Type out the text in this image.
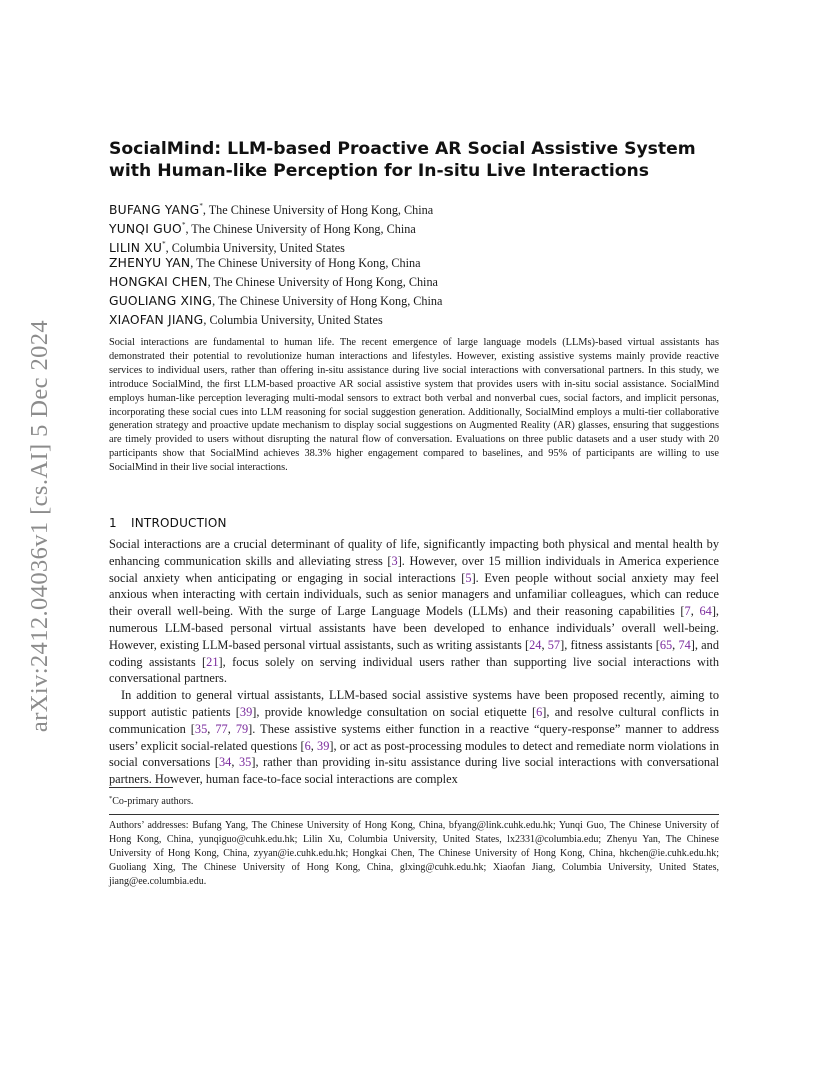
arXiv:2412.04036v1 [cs.AI] 5 Dec 2024
SocialMind: LLM-based Proactive AR Social Assistive System with Human-like Perception for In-situ Live Interactions
BUFANG YANG*, The Chinese University of Hong Kong, China
YUNQI GUO*, The Chinese University of Hong Kong, China
LILIN XU*, Columbia University, United States
ZHENYU YAN, The Chinese University of Hong Kong, China
HONGKAI CHEN, The Chinese University of Hong Kong, China
GUOLIANG XING, The Chinese University of Hong Kong, China
XIAOFAN JIANG, Columbia University, United States

Social interactions are fundamental to human life. The recent emergence of large language models (LLMs)-based virtual assistants has demonstrated their potential to revolutionize human interactions and lifestyles. However, existing assistive systems mainly provide reactive services to individual users, rather than offering in-situ assistance during live social interactions with conversational partners. In this study, we introduce SocialMind, the first LLM-based proactive AR social assistive system that provides users with in-situ social assistance. SocialMind employs human-like perception leveraging multi-modal sensors to extract both verbal and nonverbal cues, social factors, and implicit personas, incorporating these social cues into LLM reasoning for social suggestion generation. Additionally, SocialMind employs a multi-tier collaborative generation strategy and proactive update mechanism to display social suggestions on Augmented Reality (AR) glasses, ensuring that suggestions are timely provided to users without disrupting the natural flow of conversation. Evaluations on three public datasets and a user study with 20 participants show that SocialMind achieves 38.3% higher engagement compared to baselines, and 95% of participants are willing to use SocialMind in their live social interactions.

1 INTRODUCTION

Social interactions are a crucial determinant of quality of life, significantly impacting both physical and mental health by enhancing communication skills and alleviating stress [3]. However, over 15 million individuals in America experience social anxiety when anticipating or engaging in social interactions [5]. Even people without social anxiety may feel anxious when interacting with certain individuals, such as senior managers and unfamiliar colleagues, which can reduce their overall well-being. With the surge of Large Language Models (LLMs) and their reasoning capabilities [7, 64], numerous LLM-based personal virtual assistants have been developed to enhance individuals’ overall well-being. However, existing LLM-based personal virtual assistants, such as writing assistants [24, 57], fitness assistants [65, 74], and coding assistants [21], focus solely on serving individual users rather than supporting live social interactions with conversational partners.

In addition to general virtual assistants, LLM-based social assistive systems have been proposed recently, aiming to support autistic patients [39], provide knowledge consultation on social etiquette [6], and resolve cultural conflicts in communication [35, 77, 79]. These assistive systems either function in a reactive “query-response” manner to address users’ explicit social-related questions [6, 39], or act as post-processing modules to detect and remediate norm violations in social conversations [34, 35], rather than providing in-situ assistance during live social interactions with conversational partners. However, human face-to-face social interactions are complex

*Co-primary authors.

Authors’ addresses: Bufang Yang, The Chinese University of Hong Kong, China, bfyang@link.cuhk.edu.hk; Yunqi Guo, The Chinese University of Hong Kong, China, yunqiguo@cuhk.edu.hk; Lilin Xu, Columbia University, United States, lx2331@columbia.edu; Zhenyu Yan, The Chinese University of Hong Kong, China, zyyan@ie.cuhk.edu.hk; Hongkai Chen, The Chinese University of Hong Kong, China, hkchen@ie.cuhk.edu.hk; Guoliang Xing, The Chinese University of Hong Kong, China, glxing@cuhk.edu.hk; Xiaofan Jiang, Columbia University, United States, jiang@ee.columbia.edu.
